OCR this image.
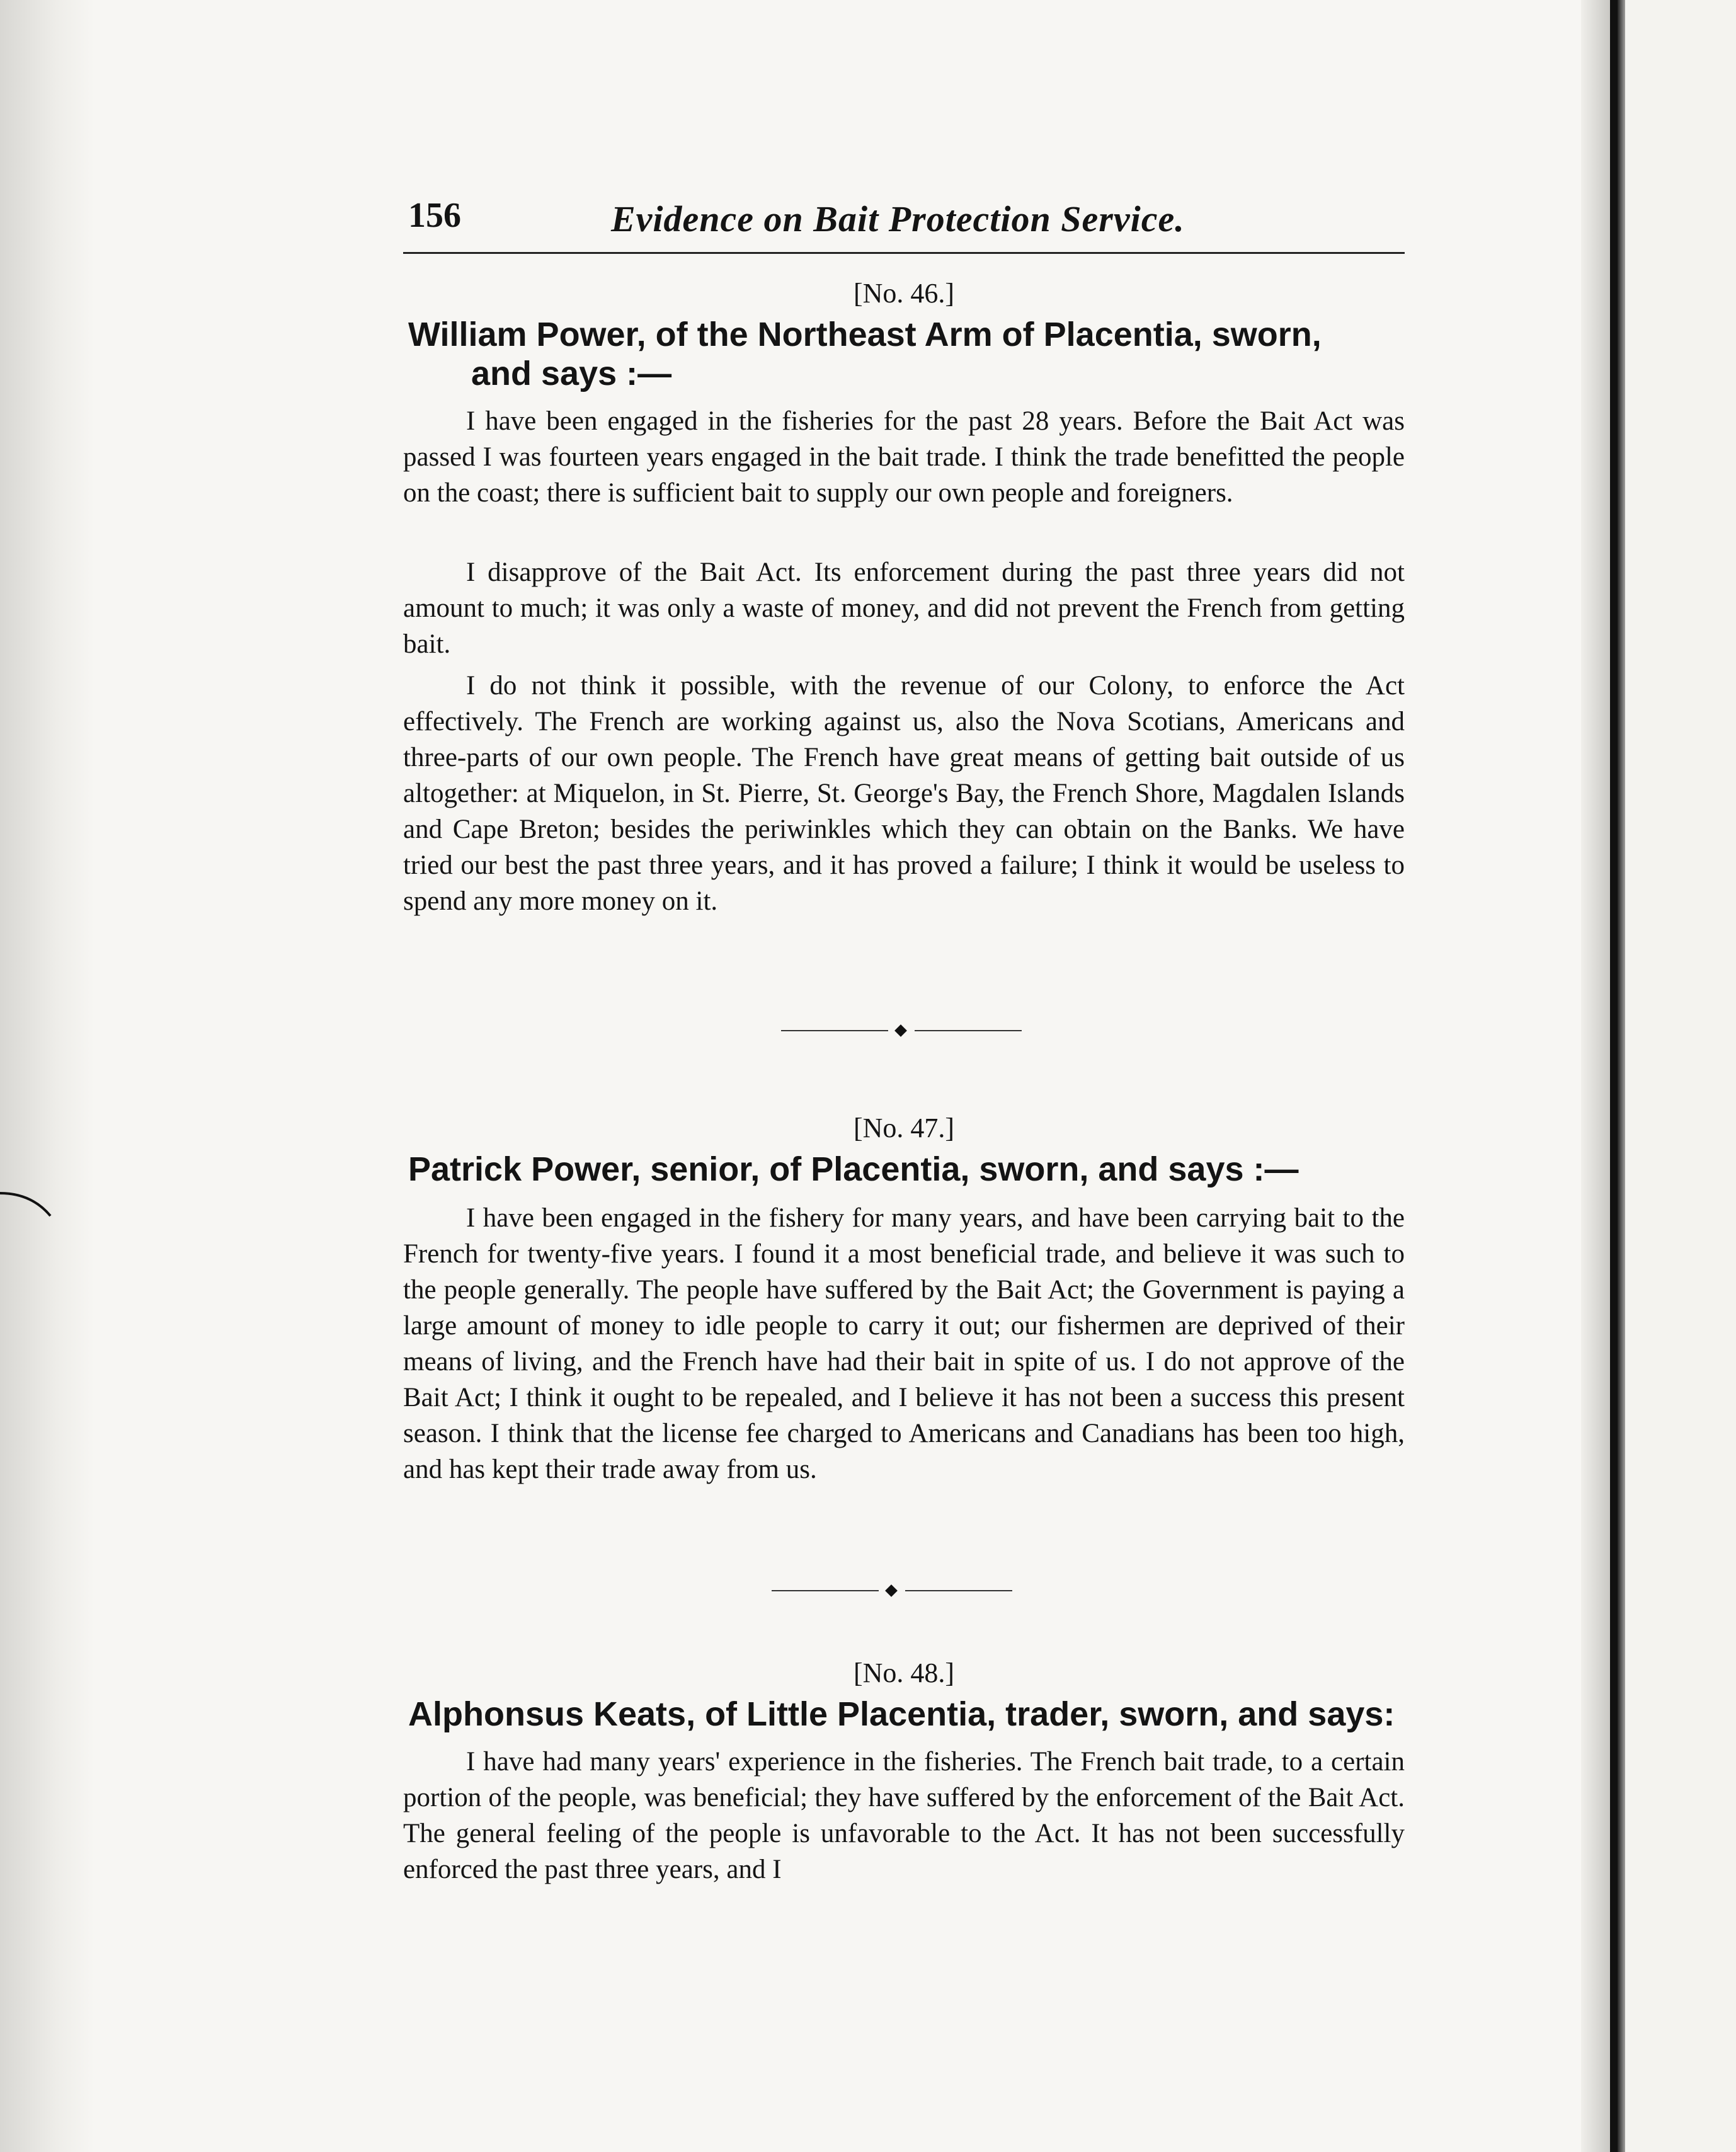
156	Evidence on Bait Protection Service.
[No. 46.]
William Power, of the Northeast Arm of Placentia, sworn,
and says :—

I have been engaged in the fisheries for the past 28 years. Before the Bait Act was passed I was fourteen years engaged in the bait trade. I think the trade benefitted the people on the coast; there is sufficient bait to supply our own people and foreigners.

I disapprove of the Bait Act. Its enforcement during the past three years did not amount to much; it was only a waste of money, and did not prevent the French from getting bait.

I do not think it possible, with the revenue of our Colony, to enforce the Act effectively. The French are working against us, also the Nova Scotians, Americans and three-parts of our own people. The French have great means of getting bait outside of us altogether: at Miquelon, in St. Pierre, St. George's Bay, the French Shore, Magdalen Islands and Cape Breton; besides the periwinkles which they can obtain on the Banks. We have tried our best the past three years, and it has proved a failure; I think it would be useless to spend any more money on it.

[No. 47.]
Patrick Power, senior, of Placentia, sworn, and says :—

I have been engaged in the fishery for many years, and have been carrying bait to the French for twenty-five years. I found it a most beneficial trade, and believe it was such to the people generally. The people have suffered by the Bait Act; the Government is paying a large amount of money to idle people to carry it out; our fishermen are deprived of their means of living, and the French have had their bait in spite of us. I do not approve of the Bait Act; I think it ought to be repealed, and I believe it has not been a success this present season. I think that the license fee charged to Americans and Canadians has been too high, and has kept their trade away from us.

[No. 48.]
Alphonsus Keats, of Little Placentia, trader, sworn, and says:

I have had many years' experience in the fisheries. The French bait trade, to a certain portion of the people, was beneficial; they have suffered by the enforcement of the Bait Act. The general feeling of the people is unfavorable to the Act. It has not been successfully enforced the past three years, and I
